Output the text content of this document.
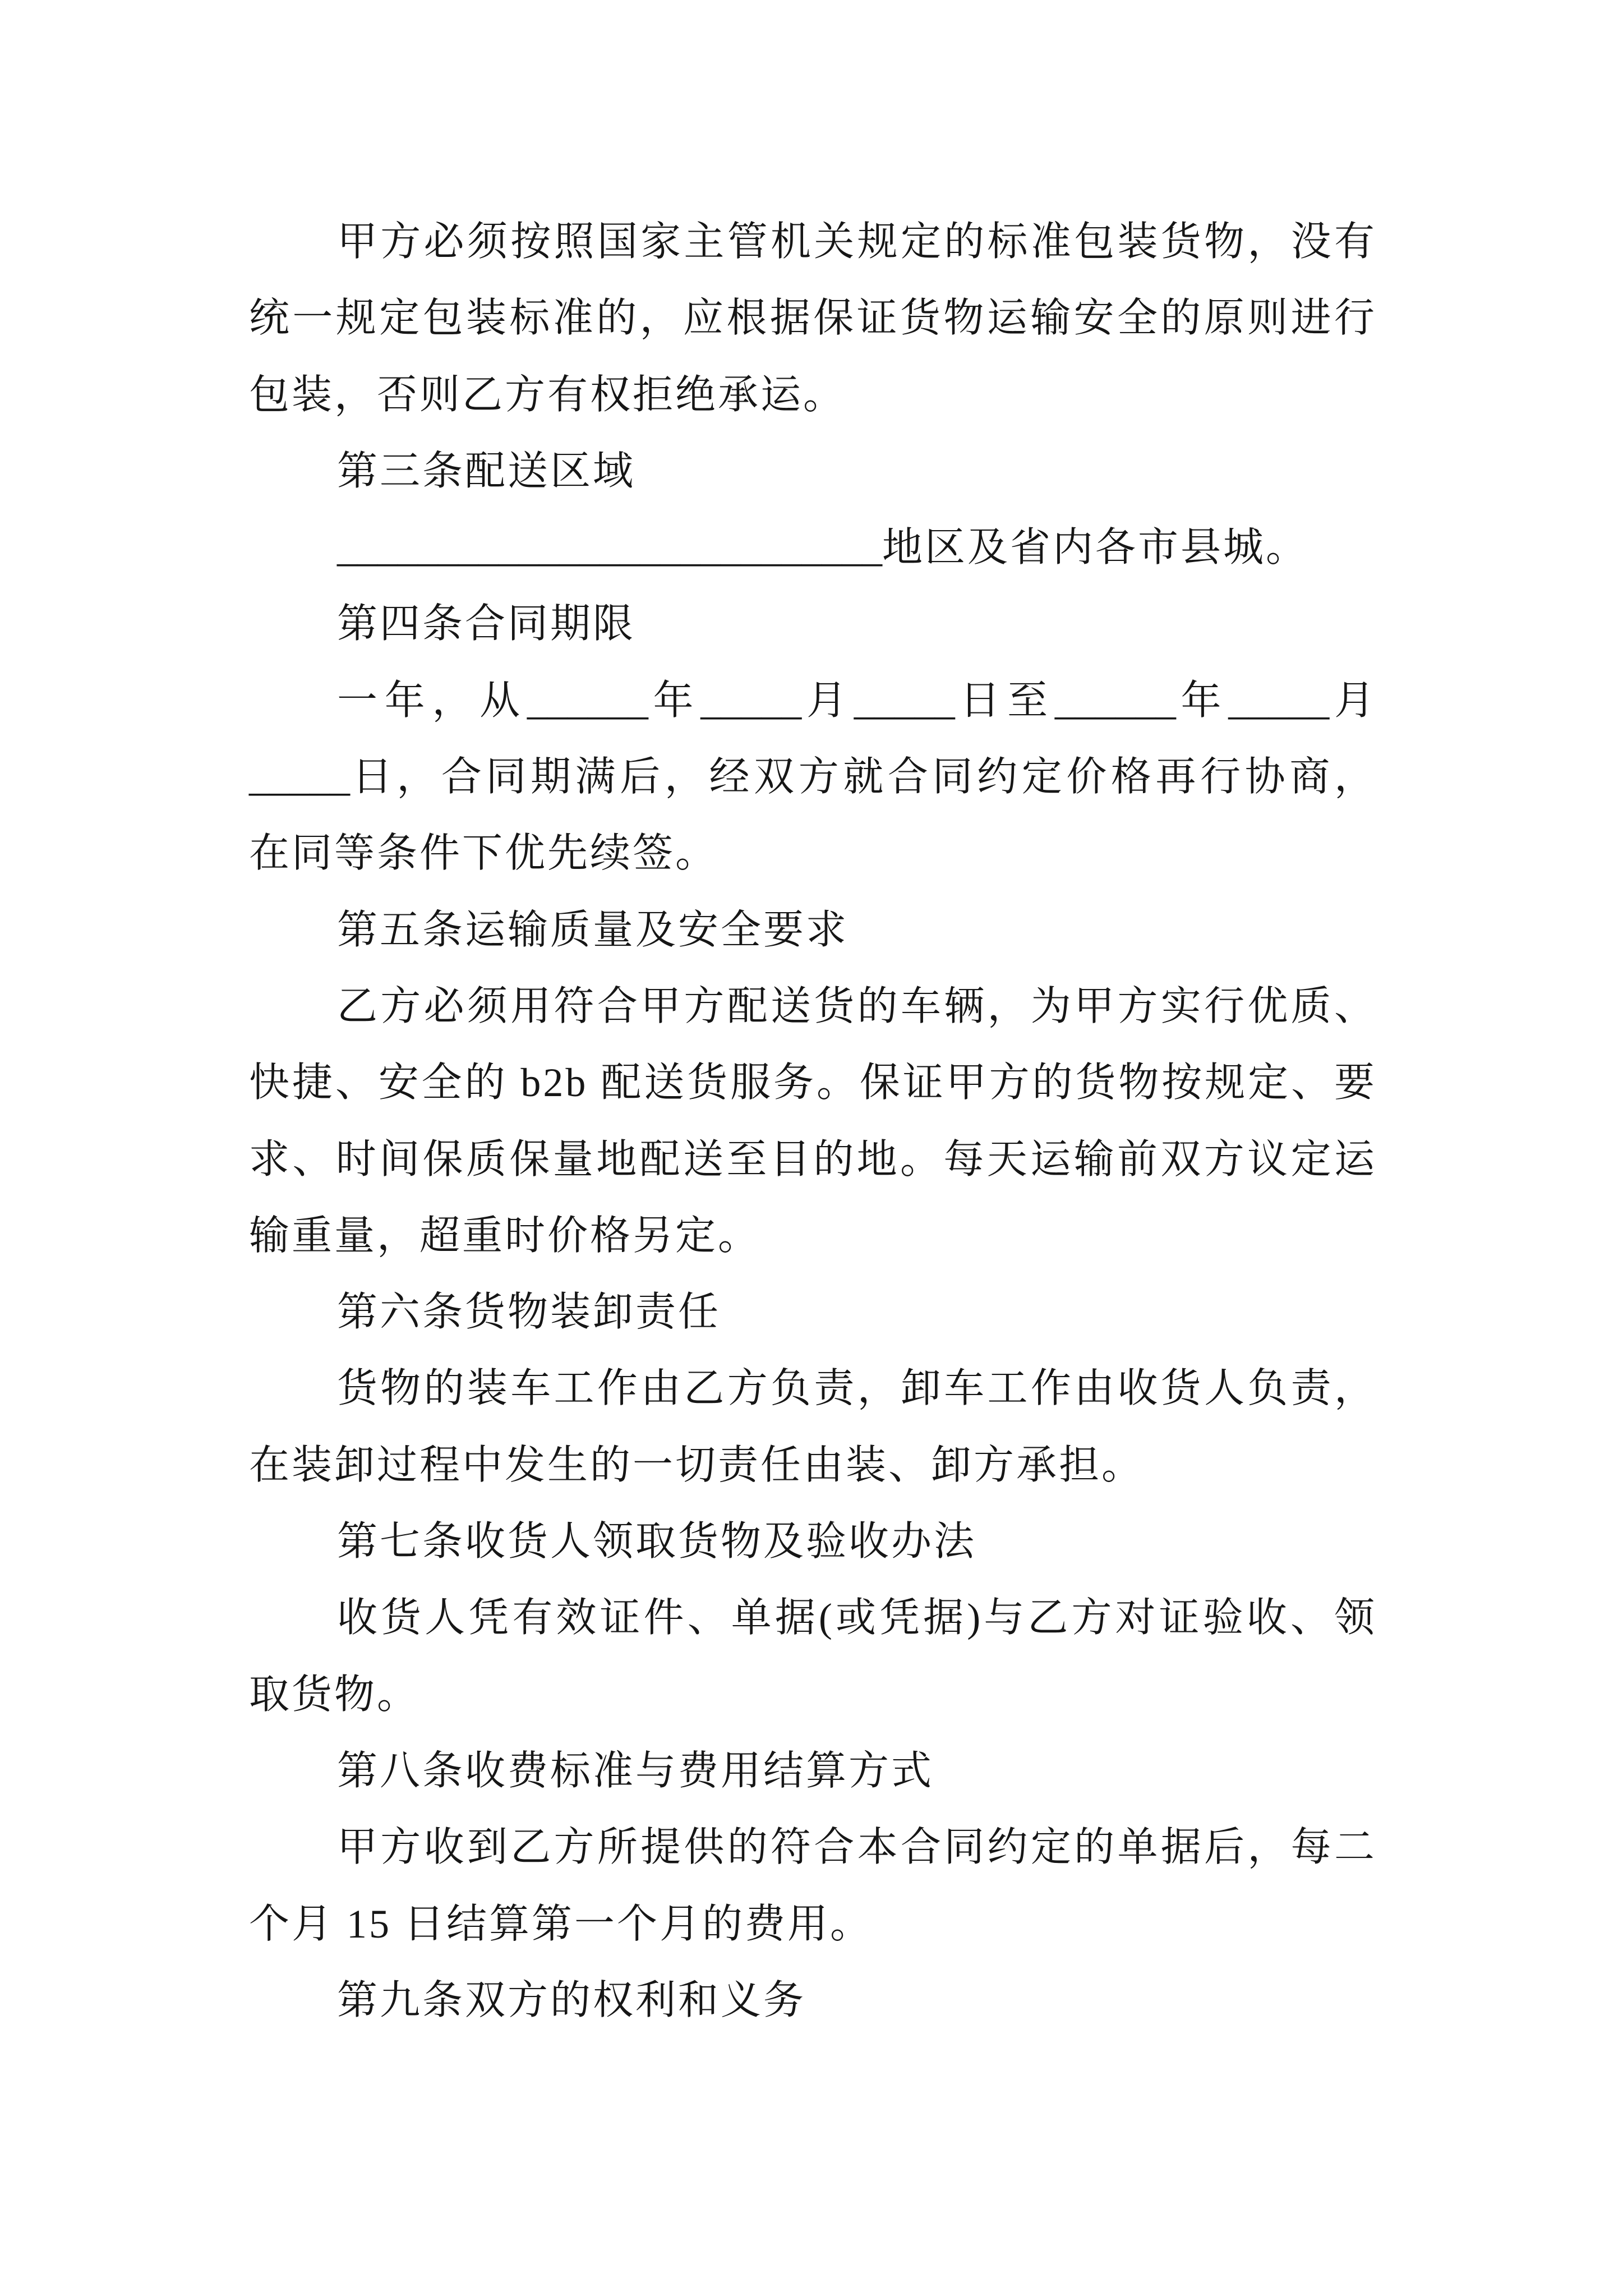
甲方必须按照国家主管机关规定的标准包装货物，没有
统一规定包装标准的，应根据保证货物运输安全的原则进行
包装，否则乙方有权拒绝承运。
第三条配送区域
___________________________地区及省内各市县城。
第四条合同期限
一年，从______年_____月_____日至______年_____月
_____日，合同期满后，经双方就合同约定价格再行协商，
在同等条件下优先续签。
第五条运输质量及安全要求
乙方必须用符合甲方配送货的车辆，为甲方实行优质、
快捷、安全的 b2b 配送货服务。保证甲方的货物按规定、要
求、时间保质保量地配送至目的地。每天运输前双方议定运
输重量，超重时价格另定。
第六条货物装卸责任
货物的装车工作由乙方负责，卸车工作由收货人负责，
在装卸过程中发生的一切责任由装、卸方承担。
第七条收货人领取货物及验收办法
收货人凭有效证件、单据(或凭据)与乙方对证验收、领
取货物。
第八条收费标准与费用结算方式
甲方收到乙方所提供的符合本合同约定的单据后，每二
个月 15 日结算第一个月的费用。
第九条双方的权利和义务
